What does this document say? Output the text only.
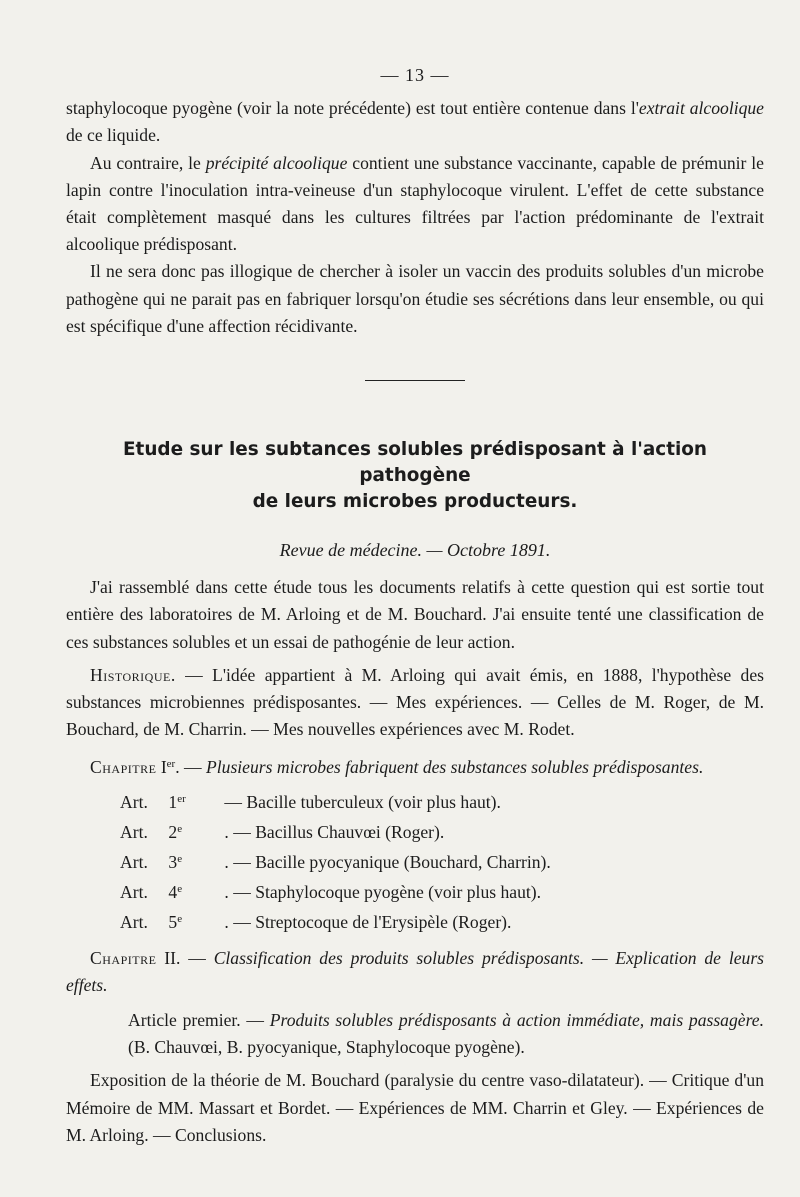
— 13 —

staphylocoque pyogène (voir la note précédente) est tout entière contenue dans l'extrait alcoolique de ce liquide.

Au contraire, le précipité alcoolique contient une substance vaccinante, capable de prémunir le lapin contre l'inoculation intra-veineuse d'un staphylocoque virulent. L'effet de cette substance était complètement masqué dans les cultures filtrées par l'action prédominante de l'extrait alcoolique prédisposant.

Il ne sera donc pas illogique de chercher à isoler un vaccin des produits solubles d'un microbe pathogène qui ne parait pas en fabriquer lorsqu'on étudie ses sécrétions dans leur ensemble, ou qui est spécifique d'une affection récidivante.

Etude sur les subtances solubles prédisposant à l'action pathogène
de leurs microbes producteurs.
Revue de médecine. — Octobre 1891.

J'ai rassemblé dans cette étude tous les documents relatifs à cette question qui est sortie tout entière des laboratoires de M. Arloing et de M. Bouchard. J'ai ensuite tenté une classification de ces substances solubles et un essai de pathogénie de leur action.

Historique. — L'idée appartient à M. Arloing qui avait émis, en 1888, l'hypothèse des substances microbiennes prédisposantes. — Mes expériences. — Celles de M. Roger, de M. Bouchard, de M. Charrin. — Mes nouvelles expériences avec M. Rodet.

Chapitre Ier. — Plusieurs microbes fabriquent des substances solubles prédisposantes.

Art. 1er — Bacille tuberculeux (voir plus haut).
Art. 2e . — Bacillus Chauvœi (Roger).
Art. 3e . — Bacille pyocyanique (Bouchard, Charrin).
Art. 4e . — Staphylocoque pyogène (voir plus haut).
Art. 5e . — Streptocoque de l'Erysipèle (Roger).

Chapitre II. — Classification des produits solubles prédisposants. — Explication de leurs effets.

Article premier. — Produits solubles prédisposants à action immédiate, mais passagère. (B. Chauvœi, B. pyocyanique, Staphylocoque pyogène).

Exposition de la théorie de M. Bouchard (paralysie du centre vaso-dilatateur). — Critique d'un Mémoire de MM. Massart et Bordet. — Expériences de MM. Charrin et Gley. — Expériences de M. Arloing. — Conclusions.
